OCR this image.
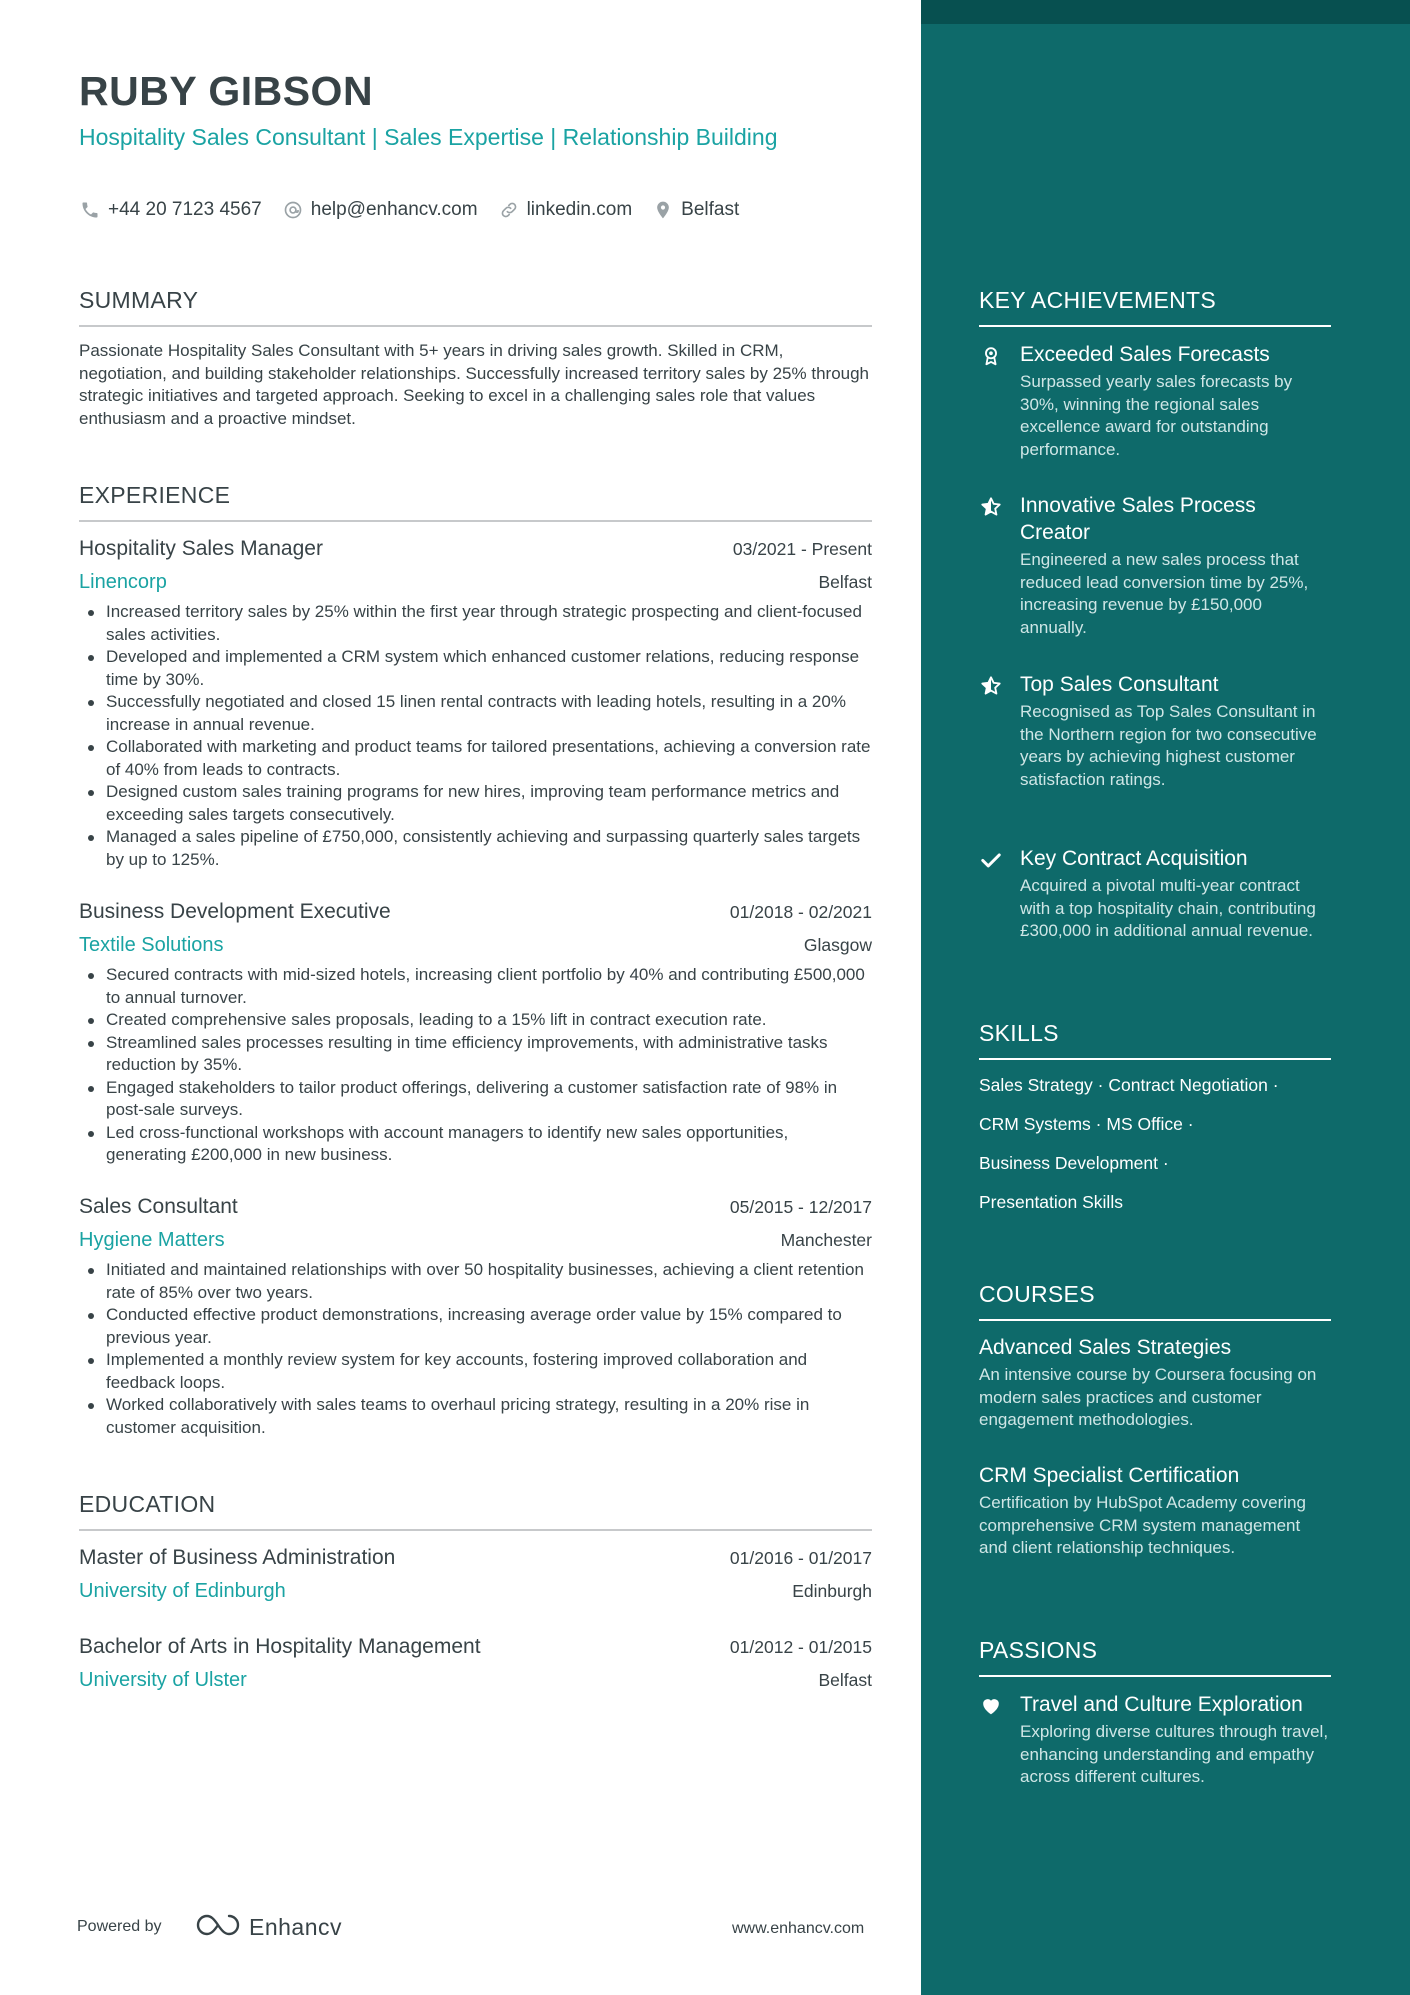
RUBY GIBSON
Hospitality Sales Consultant | Sales Expertise | Relationship Building
+44 20 7123 4567	help@enhancv.com	linkedin.com	Belfast
SUMMARY
Passionate Hospitality Sales Consultant with 5+ years in driving sales growth. Skilled in CRM, negotiation, and building stakeholder relationships. Successfully increased territory sales by 25% through strategic initiatives and targeted approach. Seeking to excel in a challenging sales role that values enthusiasm and a proactive mindset.
EXPERIENCE
Hospitality Sales Manager	03/2021 - Present
Linencorp	Belfast
Increased territory sales by 25% within the first year through strategic prospecting and client-focused sales activities.
Developed and implemented a CRM system which enhanced customer relations, reducing response time by 30%.
Successfully negotiated and closed 15 linen rental contracts with leading hotels, resulting in a 20% increase in annual revenue.
Collaborated with marketing and product teams for tailored presentations, achieving a conversion rate of 40% from leads to contracts.
Designed custom sales training programs for new hires, improving team performance metrics and exceeding sales targets consecutively.
Managed a sales pipeline of £750,000, consistently achieving and surpassing quarterly sales targets by up to 125%.
Business Development Executive	01/2018 - 02/2021
Textile Solutions	Glasgow
Secured contracts with mid-sized hotels, increasing client portfolio by 40% and contributing £500,000 to annual turnover.
Created comprehensive sales proposals, leading to a 15% lift in contract execution rate.
Streamlined sales processes resulting in time efficiency improvements, with administrative tasks reduction by 35%.
Engaged stakeholders to tailor product offerings, delivering a customer satisfaction rate of 98% in post-sale surveys.
Led cross-functional workshops with account managers to identify new sales opportunities, generating £200,000 in new business.
Sales Consultant	05/2015 - 12/2017
Hygiene Matters	Manchester
Initiated and maintained relationships with over 50 hospitality businesses, achieving a client retention rate of 85% over two years.
Conducted effective product demonstrations, increasing average order value by 15% compared to previous year.
Implemented a monthly review system for key accounts, fostering improved collaboration and feedback loops.
Worked collaboratively with sales teams to overhaul pricing strategy, resulting in a 20% rise in customer acquisition.
EDUCATION
Master of Business Administration	01/2016 - 01/2017
University of Edinburgh	Edinburgh
Bachelor of Arts in Hospitality Management	01/2012 - 01/2015
University of Ulster	Belfast
KEY ACHIEVEMENTS
Exceeded Sales Forecasts
Surpassed yearly sales forecasts by 30%, winning the regional sales excellence award for outstanding performance.
Innovative Sales Process Creator
Engineered a new sales process that reduced lead conversion time by 25%, increasing revenue by £150,000 annually.
Top Sales Consultant
Recognised as Top Sales Consultant in the Northern region for two consecutive years by achieving highest customer satisfaction ratings.
Key Contract Acquisition
Acquired a pivotal multi-year contract with a top hospitality chain, contributing £300,000 in additional annual revenue.
SKILLS
Sales Strategy · Contract Negotiation ·
CRM Systems · MS Office ·
Business Development ·
Presentation Skills
COURSES
Advanced Sales Strategies
An intensive course by Coursera focusing on modern sales practices and customer engagement methodologies.
CRM Specialist Certification
Certification by HubSpot Academy covering comprehensive CRM system management and client relationship techniques.
PASSIONS
Travel and Culture Exploration
Exploring diverse cultures through travel, enhancing understanding and empathy across different cultures.
Powered by	Enhancv	www.enhancv.com
